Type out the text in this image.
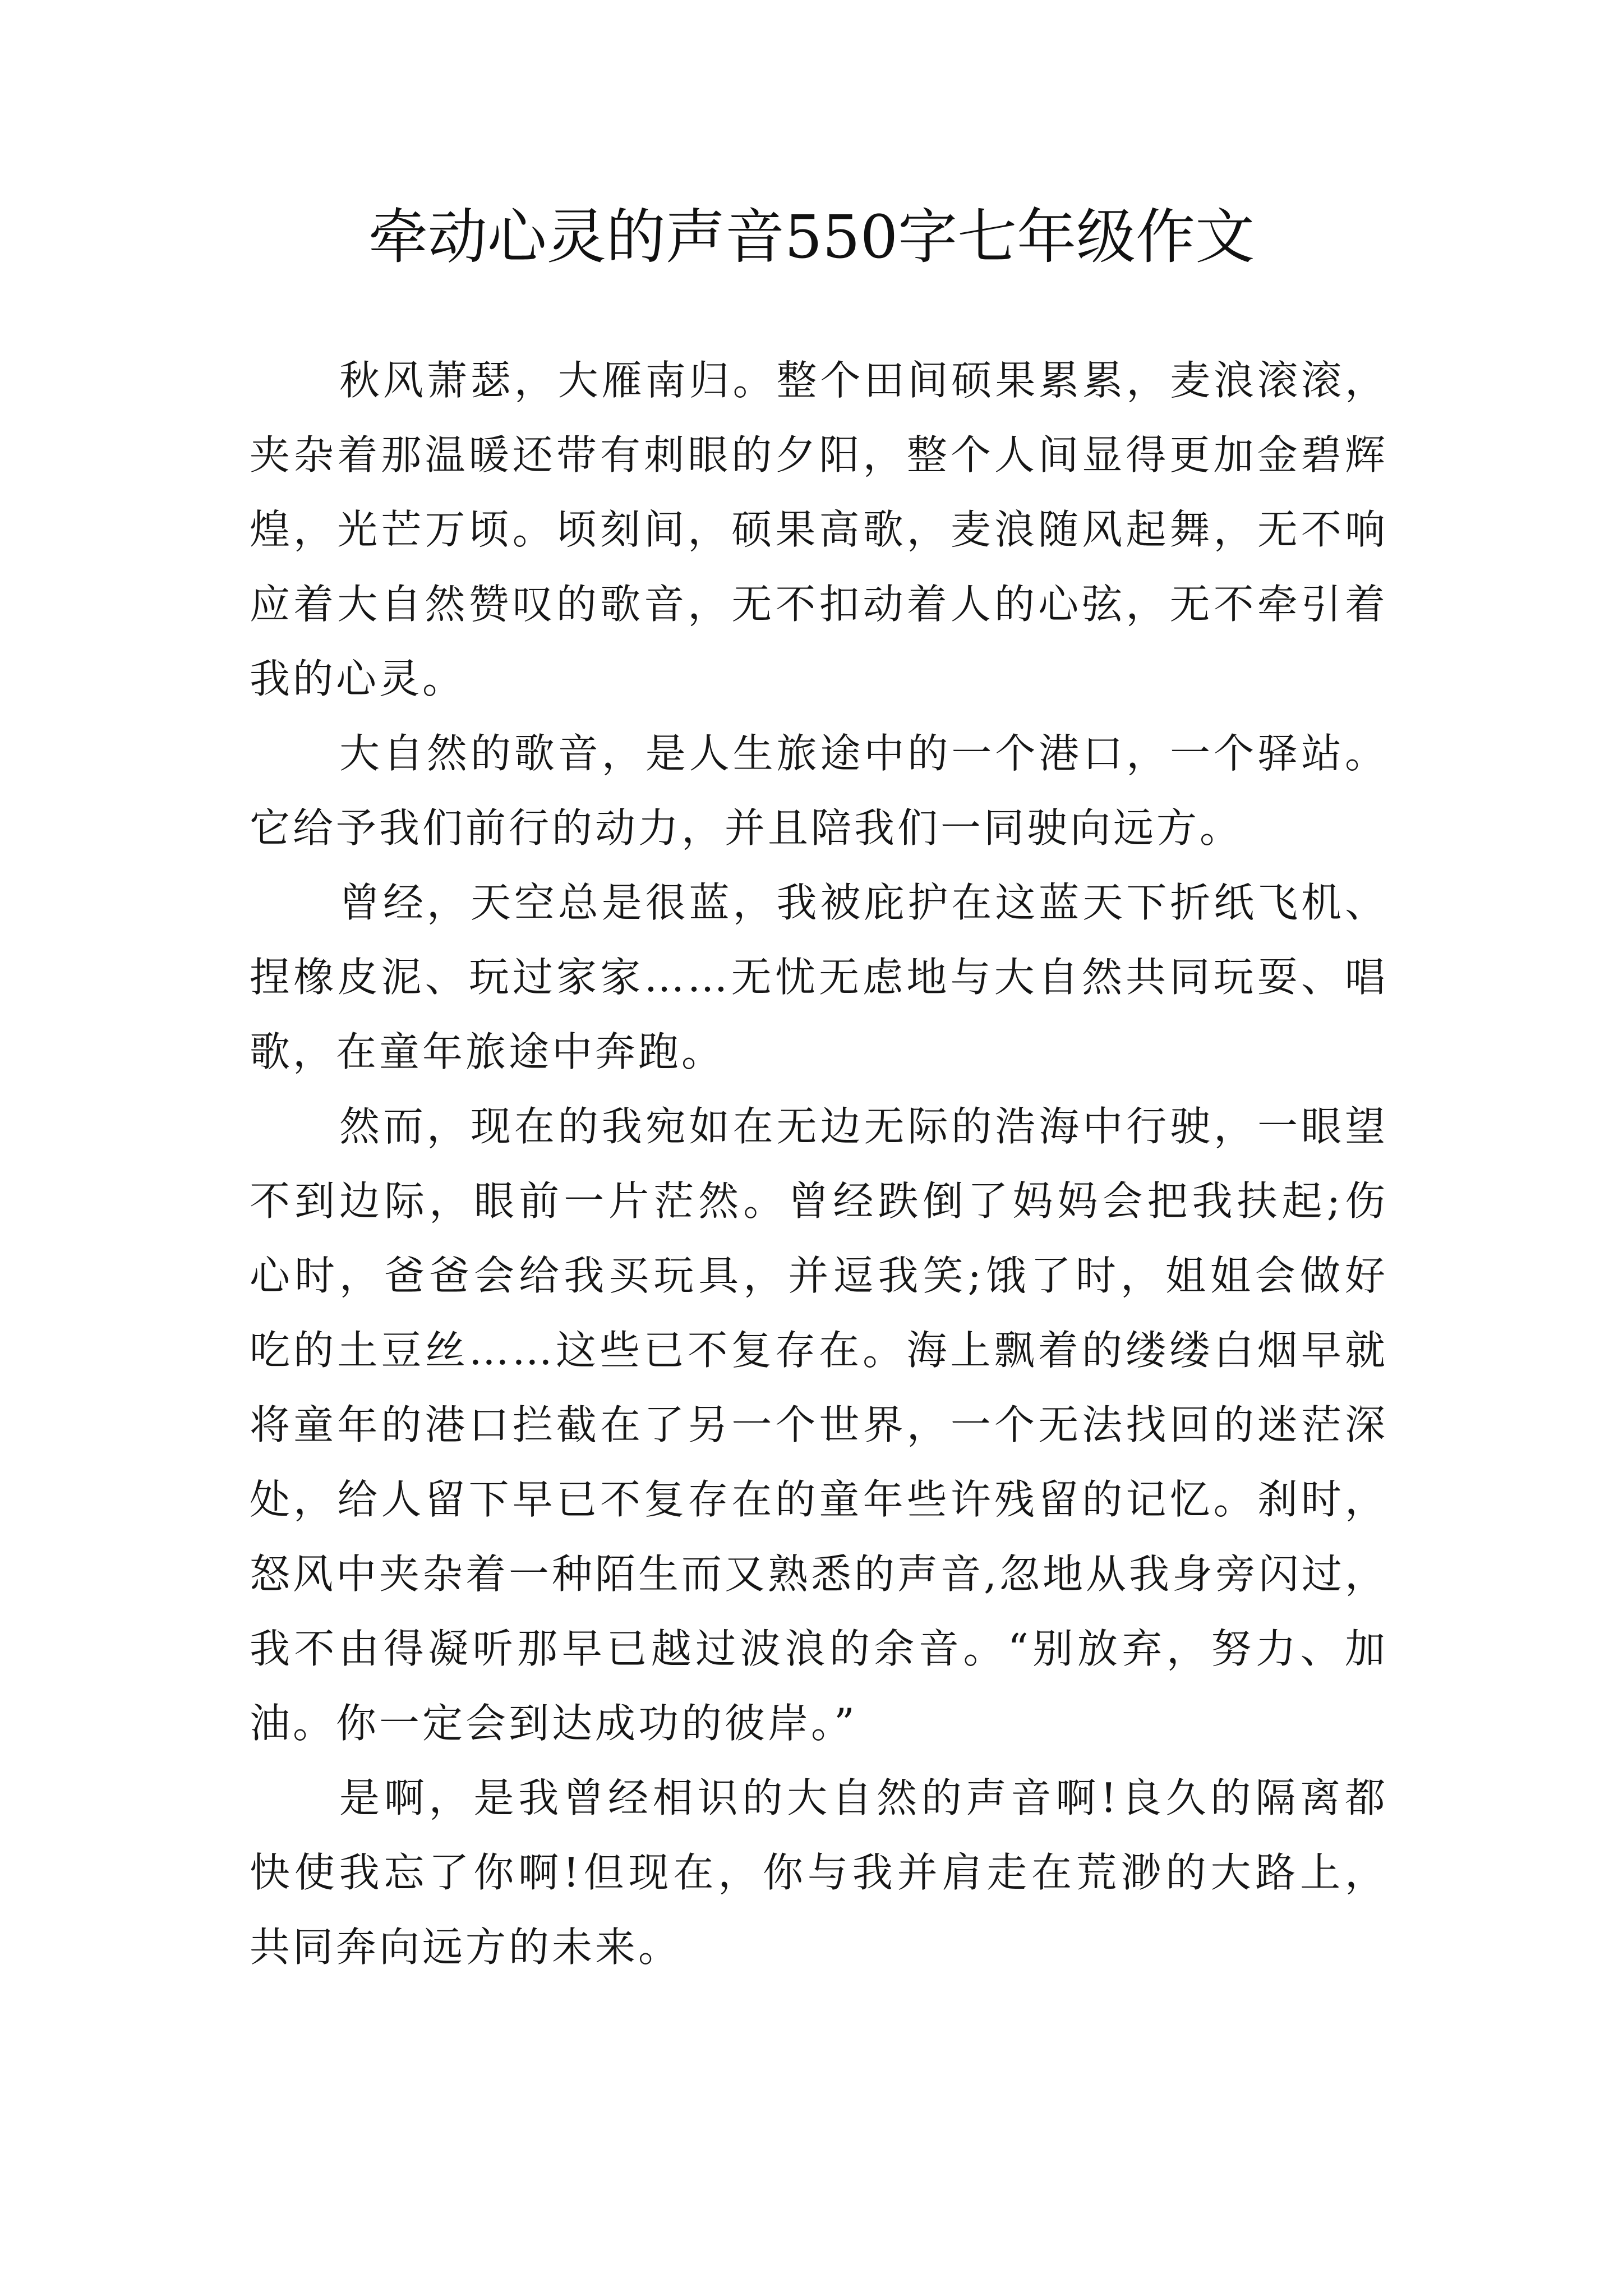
牵动心灵的声音550字七年级作文

秋风萧瑟，大雁南归。整个田间硕果累累，麦浪滚滚，夹杂着那温暖还带有刺眼的夕阳，整个人间显得更加金碧辉煌，光芒万顷。顷刻间，硕果高歌，麦浪随风起舞，无不响应着大自然赞叹的歌音，无不扣动着人的心弦，无不牵引着我的心灵。

大自然的歌音，是人生旅途中的一个港口，一个驿站。它给予我们前行的动力，并且陪我们一同驶向远方。

曾经，天空总是很蓝，我被庇护在这蓝天下折纸飞机、捏橡皮泥、玩过家家……无忧无虑地与大自然共同玩耍、唱歌，在童年旅途中奔跑。

然而，现在的我宛如在无边无际的浩海中行驶，一眼望不到边际，眼前一片茫然。曾经跌倒了妈妈会把我扶起;伤心时，爸爸会给我买玩具，并逗我笑;饿了时，姐姐会做好吃的土豆丝……这些已不复存在。海上飘着的缕缕白烟早就将童年的港口拦截在了另一个世界，一个无法找回的迷茫深处，给人留下早已不复存在的童年些许残留的记忆。刹时，怒风中夹杂着一种陌生而又熟悉的声音,忽地从我身旁闪过，我不由得凝听那早已越过波浪的余音。“别放弃，努力、加油。你一定会到达成功的彼岸。”

是啊，是我曾经相识的大自然的声音啊!良久的隔离都快使我忘了你啊!但现在，你与我并肩走在荒渺的大路上，共同奔向远方的未来。
